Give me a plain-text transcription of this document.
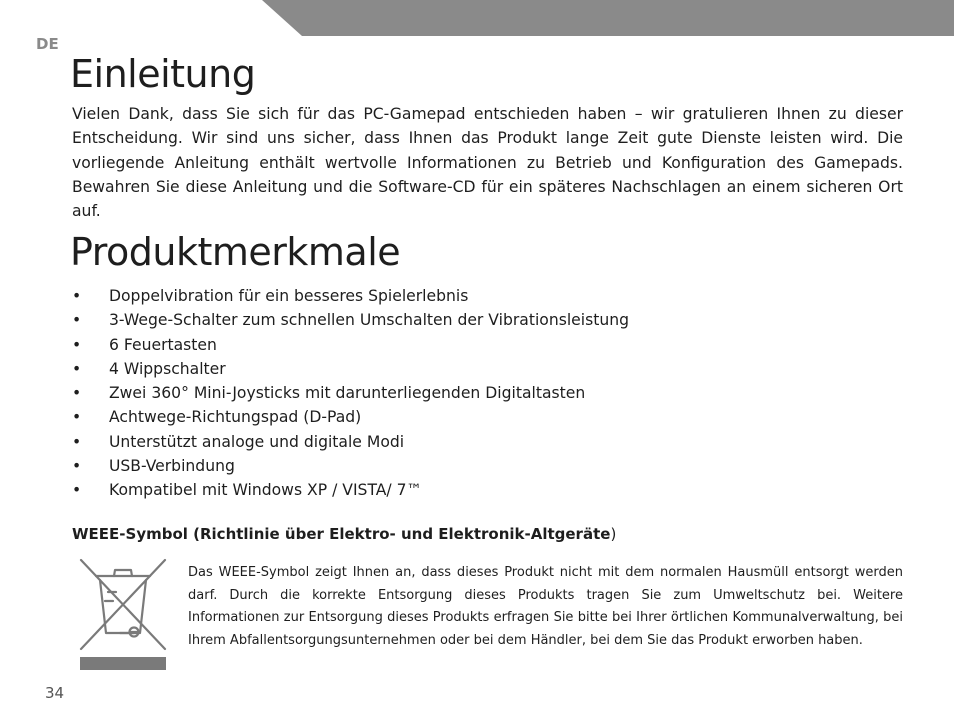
DE
Einleitung

Vielen Dank, dass Sie sich für das PC-Gamepad entschieden haben – wir gratulieren Ihnen zu dieser Entscheidung. Wir sind uns sicher, dass Ihnen das Produkt lange Zeit gute Dienste leisten wird. Die vorliegende Anleitung enthält wertvolle Informationen zu Betrieb und Konfiguration des Gamepads. Bewahren Sie diese Anleitung und die Software-CD für ein späteres Nachschlagen an einem sicheren Ort auf.

Produktmerkmale
• Doppelvibration für ein besseres Spielerlebnis
• 3-Wege-Schalter zum schnellen Umschalten der Vibrationsleistung
• 6 Feuertasten
• 4 Wippschalter
• Zwei 360° Mini-Joysticks mit darunterliegenden Digitaltasten
• Achtwege-Richtungspad (D-Pad)
• Unterstützt analoge und digitale Modi
• USB-Verbindung
• Kompatibel mit Windows XP / VISTA/ 7™

WEEE-Symbol (Richtlinie über Elektro- und Elektronik-Altgeräte)

Das WEEE-Symbol zeigt Ihnen an, dass dieses Produkt nicht mit dem normalen Hausmüll entsorgt werden darf. Durch die korrekte Entsorgung dieses Produkts tragen Sie zum Umweltschutz bei. Weitere Informationen zur Entsorgung dieses Produkts erfragen Sie bitte bei Ihrer örtlichen Kommunalverwaltung, bei Ihrem Abfallentsorgungsunternehmen oder bei dem Händler, bei dem Sie das Produkt erworben haben.

34
